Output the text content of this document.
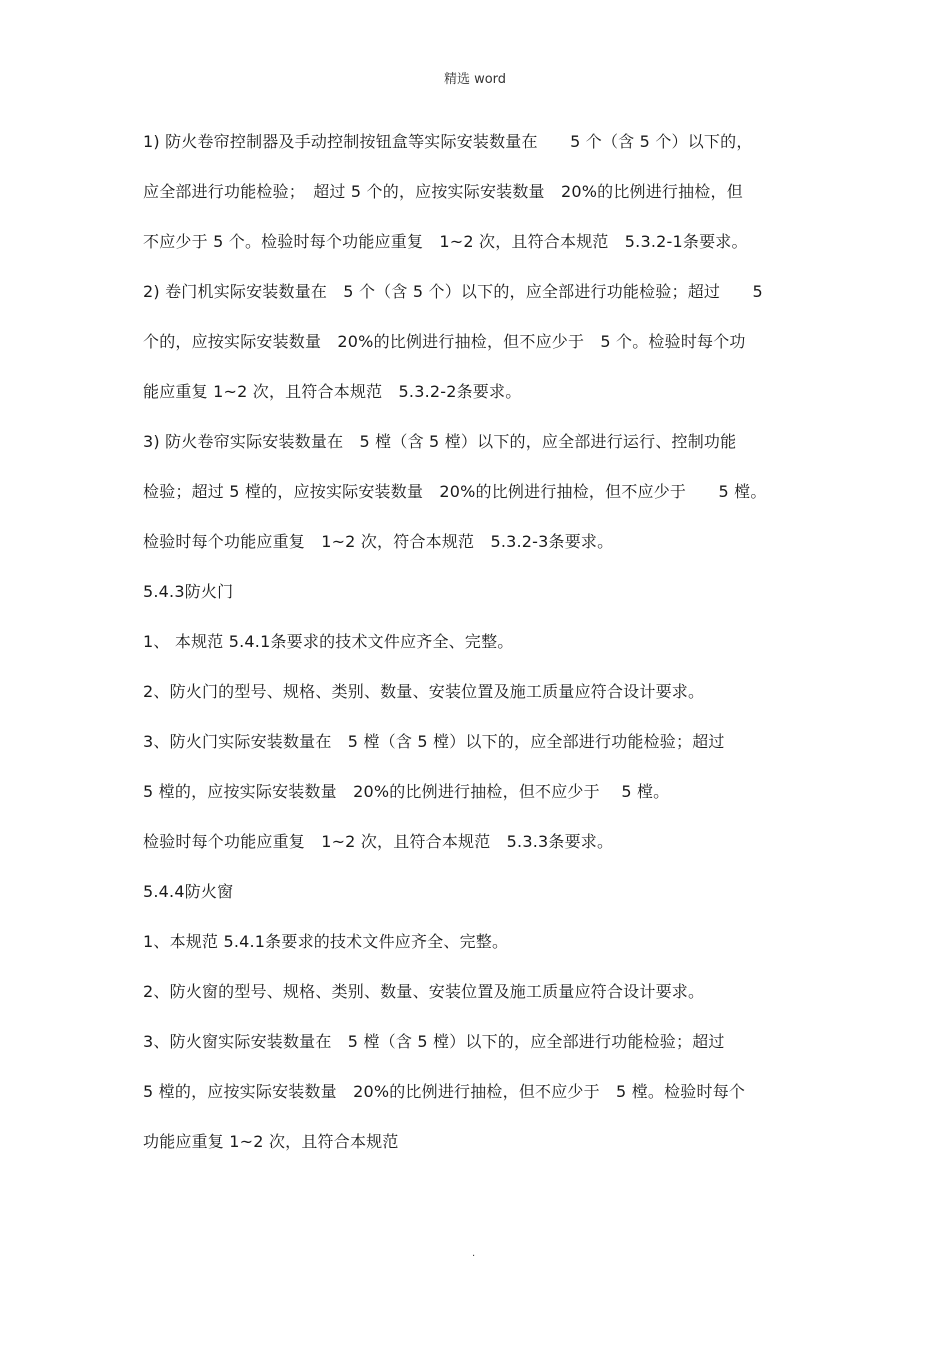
精选 word
1) 防火卷帘控制器及手动控制按钮盒等实际安装数量在　　5 个（含 5 个）以下的，
应全部进行功能检验；　超过 5 个的，应按实际安装数量　20%的比例进行抽检，但
不应少于 5 个。检验时每个功能应重复　1~2 次，且符合本规范　5.3.2-1条要求。
2) 卷门机实际安装数量在　5 个（含 5 个）以下的，应全部进行功能检验；超过　　5
个的，应按实际安装数量　20%的比例进行抽检，但不应少于　5 个。检验时每个功
能应重复 1~2 次，且符合本规范　5.3.2-2条要求。
3) 防火卷帘实际安装数量在　5 樘（含 5 樘）以下的，应全部进行运行、控制功能
检验；超过 5 樘的，应按实际安装数量　20%的比例进行抽检，但不应少于　　5 樘。
检验时每个功能应重复　1~2 次，符合本规范　5.3.2-3条要求。
5.4.3防火门
1、 本规范 5.4.1条要求的技术文件应齐全、完整。
2、防火门的型号、规格、类别、数量、安装位置及施工质量应符合设计要求。
3、防火门实际安装数量在　5 樘（含 5 樘）以下的，应全部进行功能检验；超过
5 樘的，应按实际安装数量　20%的比例进行抽检，但不应少于　 5 樘。
检验时每个功能应重复　1~2 次，且符合本规范　5.3.3条要求。
5.4.4防火窗
1、本规范 5.4.1条要求的技术文件应齐全、完整。
2、防火窗的型号、规格、类别、数量、安装位置及施工质量应符合设计要求。
3、防火窗实际安装数量在　5 樘（含 5 樘）以下的，应全部进行功能检验；超过
5 樘的，应按实际安装数量　20%的比例进行抽检，但不应少于　5 樘。检验时每个
功能应重复 1~2 次，且符合本规范
.
